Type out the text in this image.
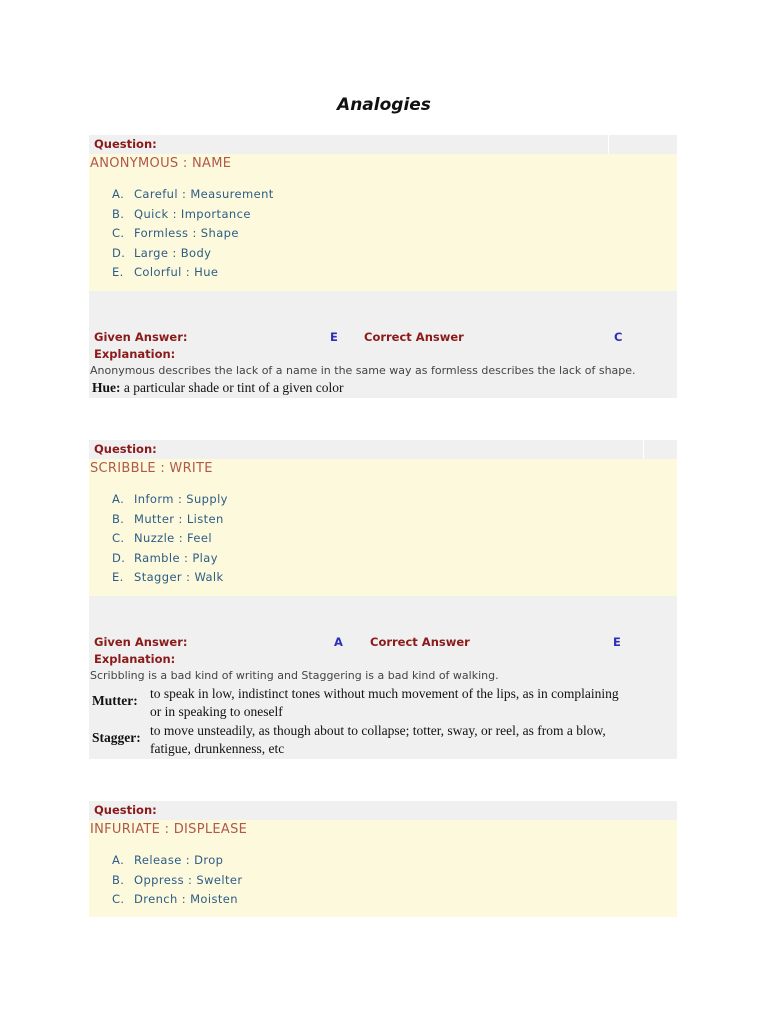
Analogies
Question:
ANONYMOUS : NAME
A. Careful : Measurement
B. Quick : Importance
C. Formless : Shape
D. Large : Body
E. Colorful : Hue
Given Answer:	E Correct Answer	C
Explanation:
Anonymous describes the lack of a name in the same way as formless describes the lack of shape.
Hue: a particular shade or tint of a given color
Question:
SCRIBBLE : WRITE
A. Inform : Supply
B. Mutter : Listen
C. Nuzzle : Feel
D. Ramble : Play
E. Stagger : Walk
Given Answer:	A Correct Answer	E
Explanation:
Scribbling is a bad kind of writing and Staggering is a bad kind of walking.
Mutter: to speak in low, indistinct tones without much movement of the lips, as in complaining
or in speaking to oneself
Stagger: to move unsteadily, as though about to collapse; totter, sway, or reel, as from a blow,
fatigue, drunkenness, etc
Question:
INFURIATE : DISPLEASE
A. Release : Drop
B. Oppress : Swelter
C. Drench : Moisten
